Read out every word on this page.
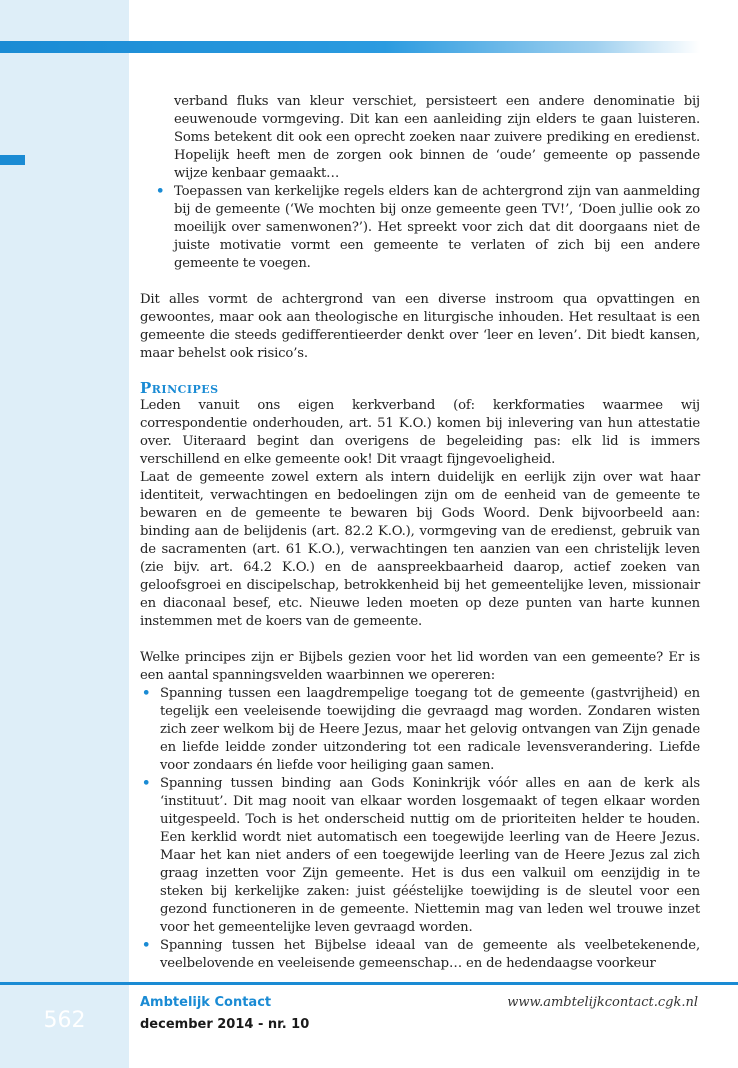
verband fluks van kleur verschiet, persisteert een andere denominatie bij eeuwenoude vormgeving. Dit kan een aanleiding zijn elders te gaan luisteren. Soms betekent dit ook een oprecht zoeken naar zuivere prediking en eredienst. Hopelijk heeft men de zorgen ook binnen de ‘oude’ gemeente op passende wijze kenbaar gemaakt…

• Toepassen van kerkelijke regels elders kan de achtergrond zijn van aanmelding bij de gemeente (‘We mochten bij onze gemeente geen TV!’, ‘Doen jullie ook zo moeilijk over samenwonen?’). Het spreekt voor zich dat dit doorgaans niet de juiste motivatie vormt een gemeente te verlaten of zich bij een andere gemeente te voegen.

Dit alles vormt de achtergrond van een diverse instroom qua opvattingen en gewoontes, maar ook aan theologische en liturgische inhouden. Het resultaat is een gemeente die steeds gedifferentieerder denkt over ‘leer en leven’. Dit biedt kansen, maar behelst ook risico’s.

Principes

Leden vanuit ons eigen kerkverband (of: kerkformaties waarmee wij correspondentie onderhouden, art. 51 K.O.) komen bij inlevering van hun attestatie over. Uiteraard begint dan overigens de begeleiding pas: elk lid is immers verschillend en elke gemeente ook! Dit vraagt fijngevoeligheid.

Laat de gemeente zowel extern als intern duidelijk en eerlijk zijn over wat haar identiteit, verwachtingen en bedoelingen zijn om de eenheid van de gemeente te bewaren en de gemeente te bewaren bij Gods Woord. Denk bijvoorbeeld aan: binding aan de belijdenis (art. 82.2 K.O.), vormgeving van de eredienst, gebruik van de sacramenten (art. 61 K.O.), verwachtingen ten aanzien van een christelijk leven (zie bijv. art. 64.2 K.O.) en de aanspreekbaarheid daarop, actief zoeken van geloofsgroei en discipelschap, betrokkenheid bij het gemeentelijke leven, missionair en diaconaal besef, etc. Nieuwe leden moeten op deze punten van harte kunnen instemmen met de koers van de gemeente.

Welke principes zijn er Bijbels gezien voor het lid worden van een gemeente? Er is een aantal spanningsvelden waarbinnen we opereren:

• Spanning tussen een laagdrempelige toegang tot de gemeente (gastvrijheid) en tegelijk een veeleisende toewijding die gevraagd mag worden. Zondaren wisten zich zeer welkom bij de Heere Jezus, maar het gelovig ontvangen van Zijn genade en liefde leidde zonder uitzondering tot een radicale levensverandering. Liefde voor zondaars én liefde voor heiliging gaan samen.
• Spanning tussen binding aan Gods Koninkrijk vóór alles en aan de kerk als ‘instituut’. Dit mag nooit van elkaar worden losgemaakt of tegen elkaar worden uitgespeeld. Toch is het onderscheid nuttig om de prioriteiten helder te houden. Een kerklid wordt niet automatisch een toegewijde leerling van de Heere Jezus. Maar het kan niet anders of een toegewijde leerling van de Heere Jezus zal zich graag inzetten voor Zijn gemeente. Het is dus een valkuil om eenzijdig in te steken bij kerkelijke zaken: juist gééstelijke toewijding is de sleutel voor een gezond functioneren in de gemeente. Niettemin mag van leden wel trouwe inzet voor het gemeentelijke leven gevraagd worden.
• Spanning tussen het Bijbelse ideaal van de gemeente als veelbetekenende, veelbelovende en veeleisende gemeenschap… en de hedendaagse voorkeur
562
Ambtelijk Contact
december 2014 - nr. 10
www.ambtelijkcontact.cgk.nl
